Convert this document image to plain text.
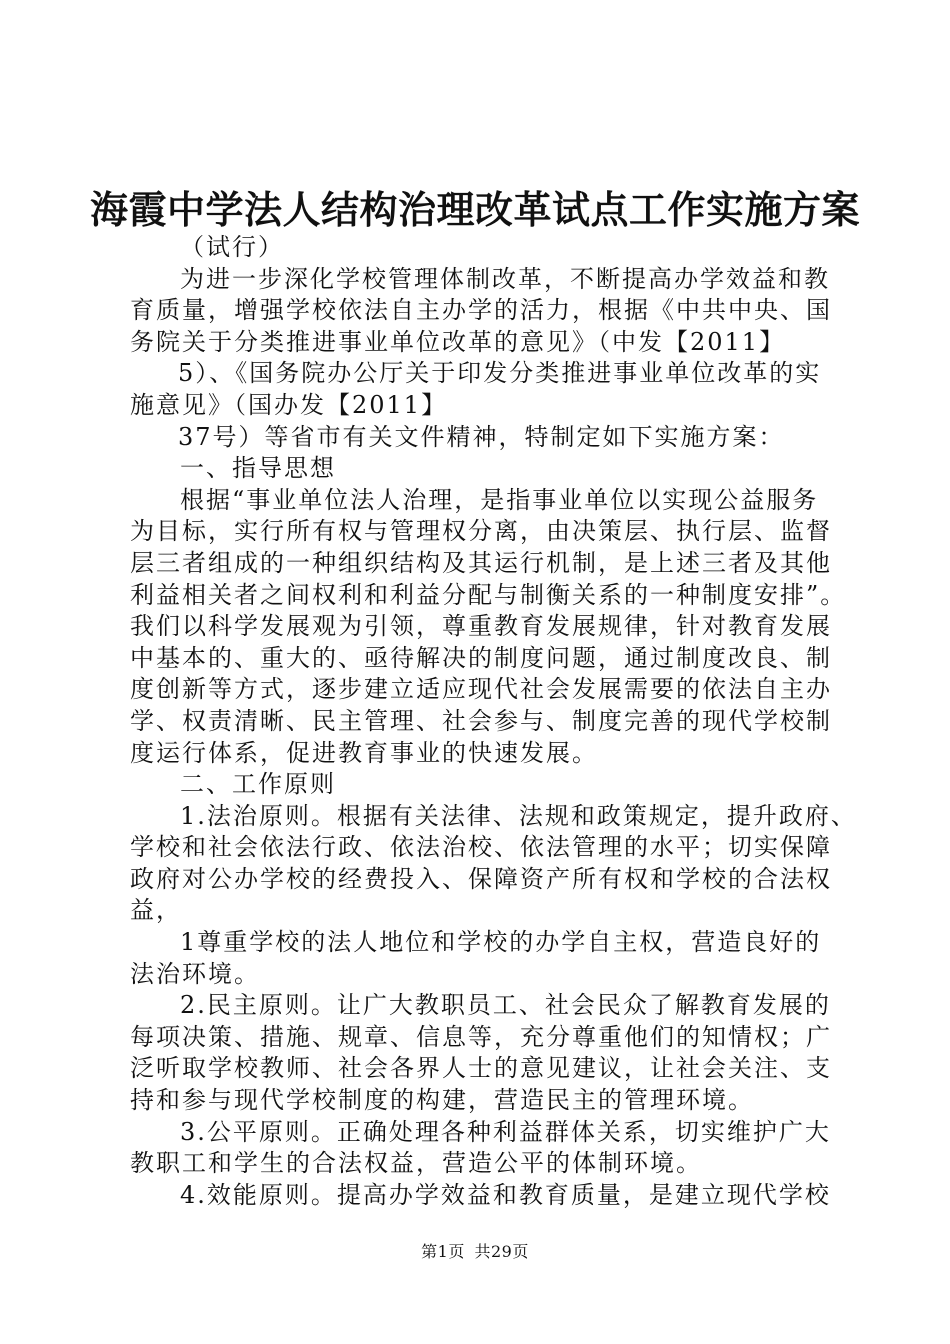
海霞中学法人结构治理改革试点工作实施方案
（试行）
为进一步深化学校管理体制改革，不断提高办学效益和教
育质量，增强学校依法自主办学的活力，根据《中共中央、国
务院关于分类推进事业单位改革的意见》（中发【2011】
5）、《国务院办公厅关于印发分类推进事业单位改革的实
施意见》（国办发【2011】
37号）等省市有关文件精神，特制定如下实施方案：
一、指导思想
根据“事业单位法人治理，是指事业单位以实现公益服务
为目标，实行所有权与管理权分离，由决策层、执行层、监督
层三者组成的一种组织结构及其运行机制，是上述三者及其他
利益相关者之间权利和利益分配与制衡关系的一种制度安排”。
我们以科学发展观为引领，尊重教育发展规律，针对教育发展
中基本的、重大的、亟待解决的制度问题，通过制度改良、制
度创新等方式，逐步建立适应现代社会发展需要的依法自主办
学、权责清晰、民主管理、社会参与、制度完善的现代学校制
度运行体系，促进教育事业的快速发展。
二、工作原则
1.法治原则。根据有关法律、法规和政策规定，提升政府、
学校和社会依法行政、依法治校、依法管理的水平；切实保障
政府对公办学校的经费投入、保障资产所有权和学校的合法权
益，
1尊重学校的法人地位和学校的办学自主权，营造良好的
法治环境。
2.民主原则。让广大教职员工、社会民众了解教育发展的
每项决策、措施、规章、信息等，充分尊重他们的知情权；广
泛听取学校教师、社会各界人士的意见建议，让社会关注、支
持和参与现代学校制度的构建，营造民主的管理环境。
3.公平原则。正确处理各种利益群体关系，切实维护广大
教职工和学生的合法权益，营造公平的体制环境。
4.效能原则。提高办学效益和教育质量，是建立现代学校
第1页 共29页
